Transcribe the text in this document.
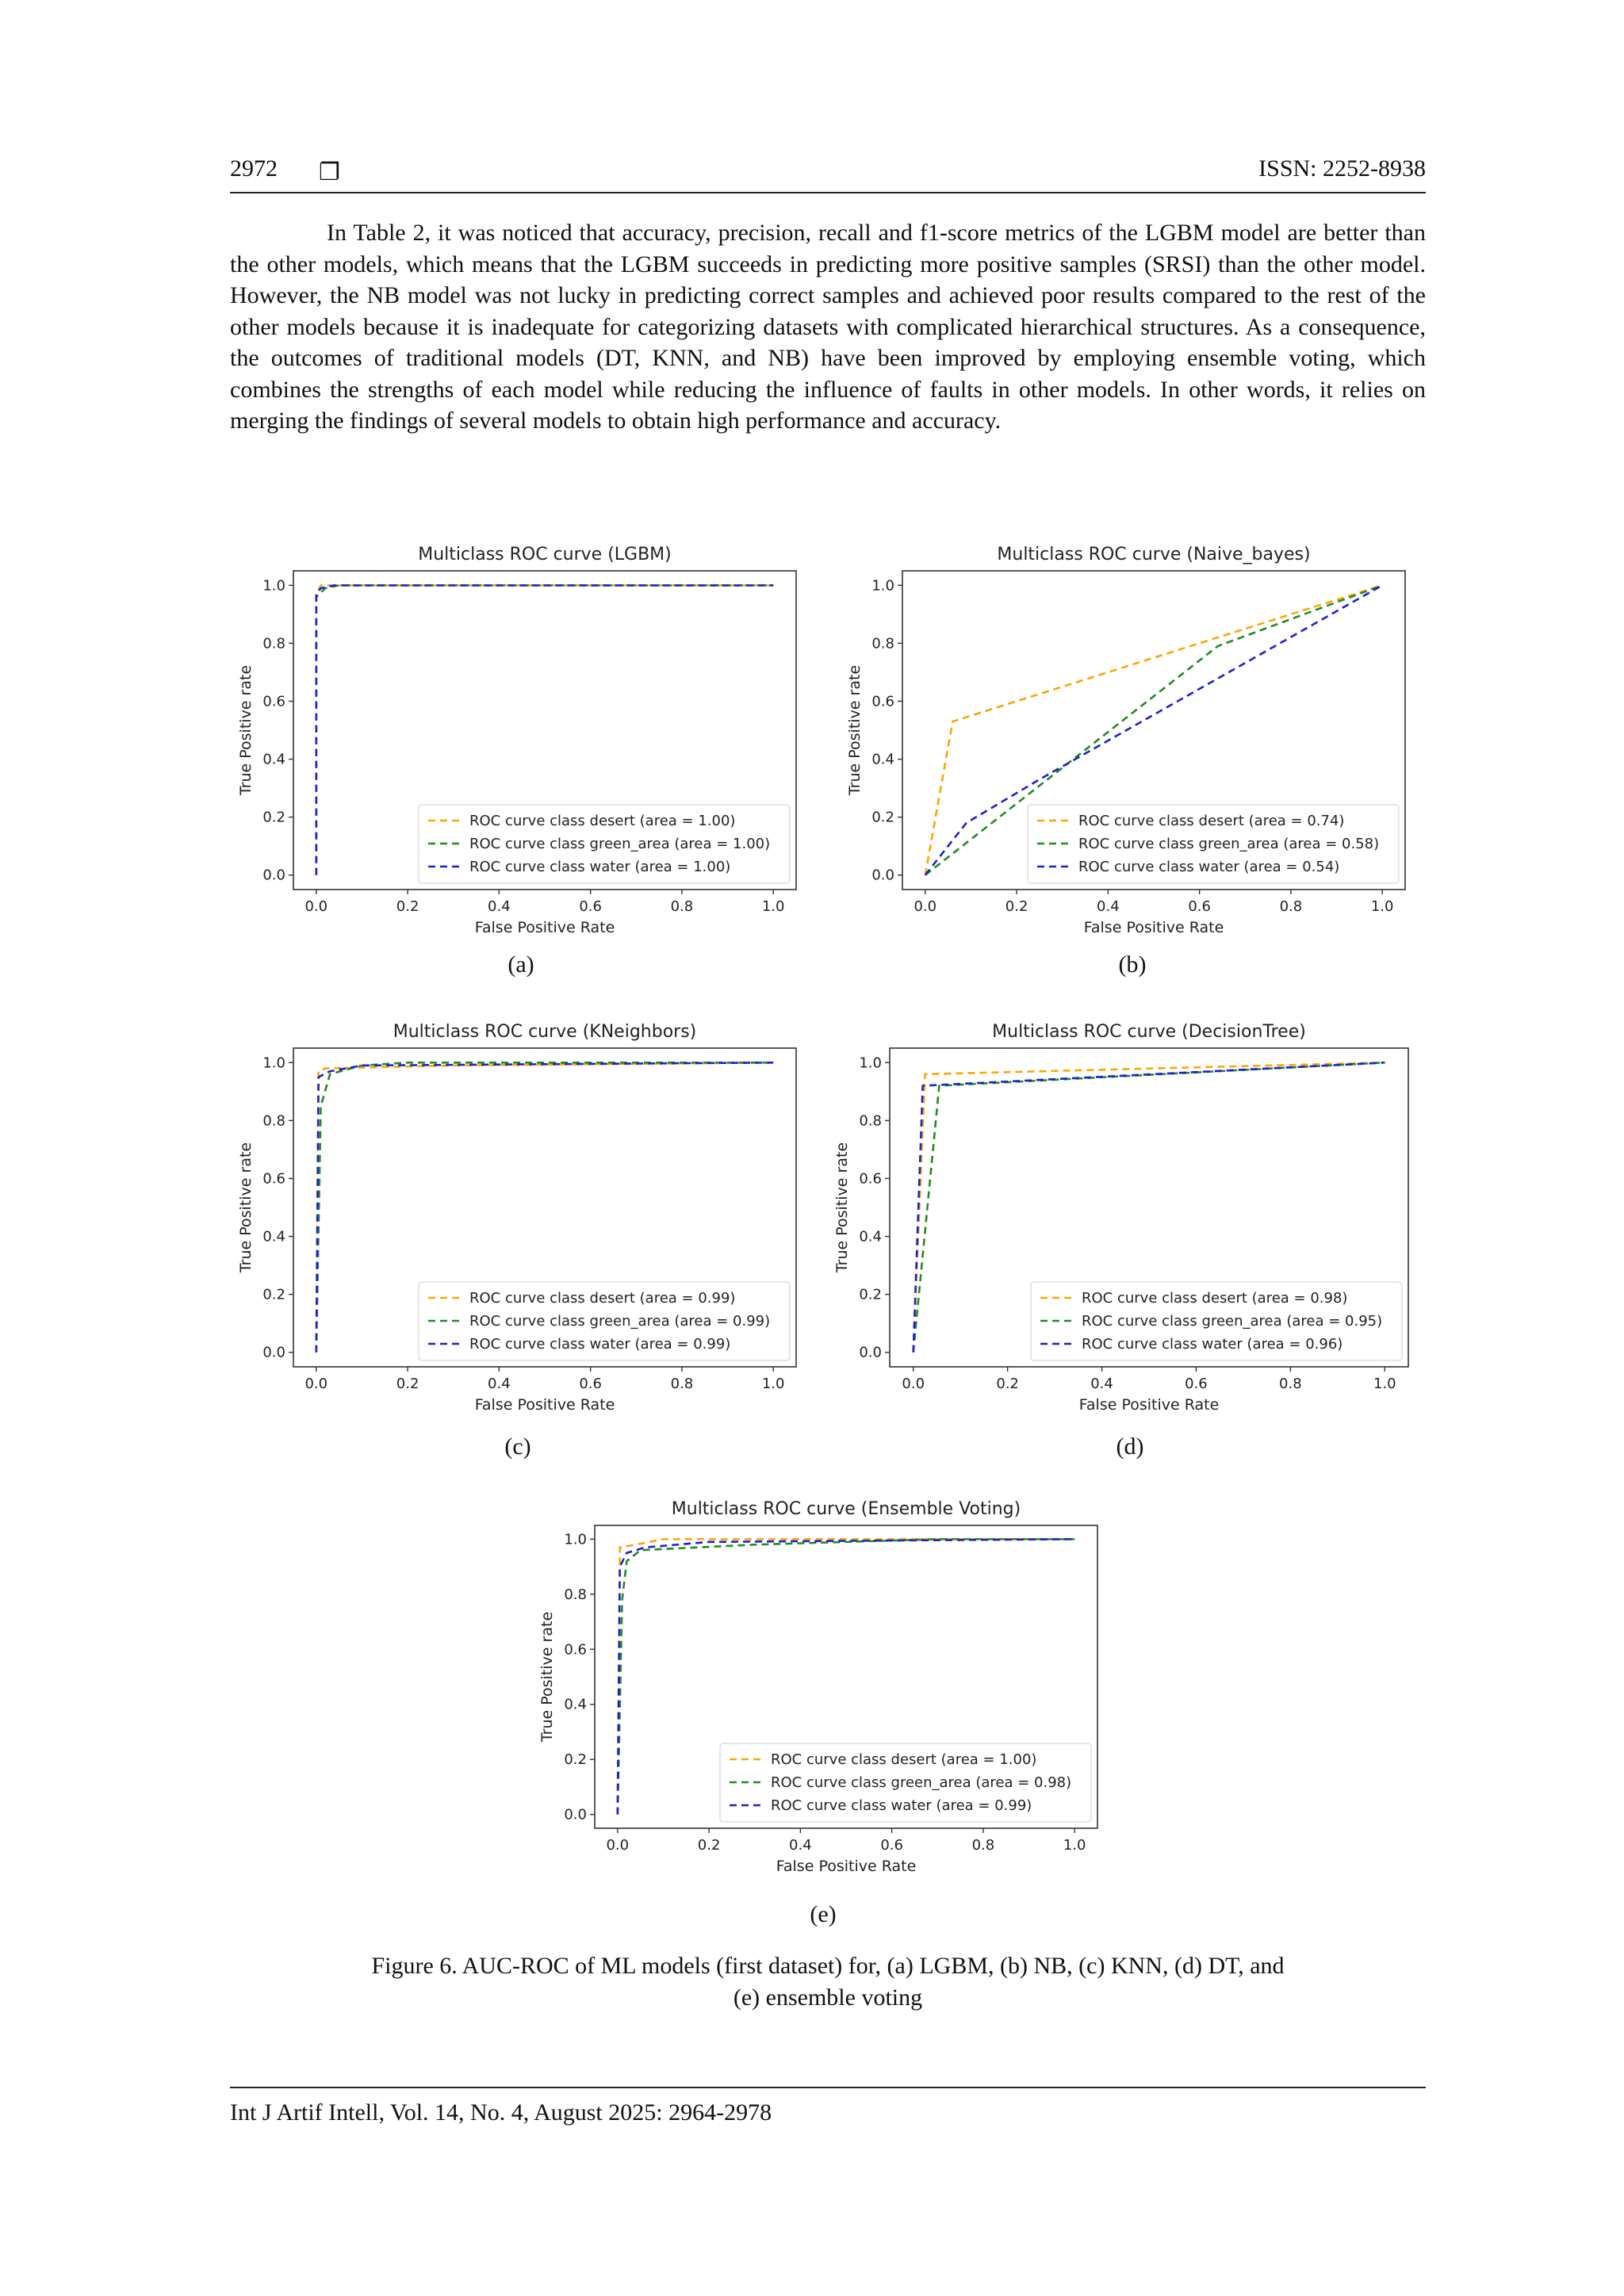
2972 ❐	ISSN: 2252-8938

In Table 2, it was noticed that accuracy, precision, recall and f1-score metrics of the LGBM model are better than the other models, which means that the LGBM succeeds in predicting more positive samples (SRSI) than the other model. However, the NB model was not lucky in predicting correct samples and achieved poor results compared to the rest of the other models because it is inadequate for categorizing datasets with complicated hierarchical structures. As a consequence, the outcomes of traditional models (DT, KNN, and NB) have been improved by employing ensemble voting, which combines the strengths of each model while reducing the influence of faults in other models. In other words, it relies on merging the findings of several models to obtain high performance and accuracy.

Multiclass ROC curve (LGBM)
0.0	0.2	0.4	0.6	0.8	1.0
0.0
0.2
0.4
0.6
0.8
1.0
False Positive Rate
True Positive rate
ROC curve class desert (area = 1.00)
ROC curve class green_area (area = 1.00)
ROC curve class water (area = 1.00)
(a)
Multiclass ROC curve (Naive_bayes)
0.0	0.2	0.4	0.6	0.8	1.0
0.0
0.2
0.4
0.6
0.8
1.0
False Positive Rate
True Positive rate
ROC curve class desert (area = 0.74)
ROC curve class green_area (area = 0.58)
ROC curve class water (area = 0.54)
(b)
Multiclass ROC curve (KNeighbors)
0.0	0.2	0.4	0.6	0.8	1.0
0.0
0.2
0.4
0.6
0.8
1.0
False Positive Rate
True Positive rate
ROC curve class desert (area = 0.99)
ROC curve class green_area (area = 0.99)
ROC curve class water (area = 0.99)
(c)
Multiclass ROC curve (DecisionTree)
0.0	0.2	0.4	0.6	0.8	1.0
0.0
0.2
0.4
0.6
0.8
1.0
False Positive Rate
True Positive rate
ROC curve class desert (area = 0.98)
ROC curve class green_area (area = 0.95)
ROC curve class water (area = 0.96)
(d)
Multiclass ROC curve (Ensemble Voting)
0.0	0.2	0.4	0.6	0.8	1.0
0.0
0.2
0.4
0.6
0.8
1.0
False Positive Rate
True Positive rate
ROC curve class desert (area = 1.00)
ROC curve class green_area (area = 0.98)
ROC curve class water (area = 0.99)
(e)
Figure 6. AUC-ROC of ML models (first dataset) for, (a) LGBM, (b) NB, (c) KNN, (d) DT, and
(e) ensemble voting
Int J Artif Intell, Vol. 14, No. 4, August 2025: 2964-2978
